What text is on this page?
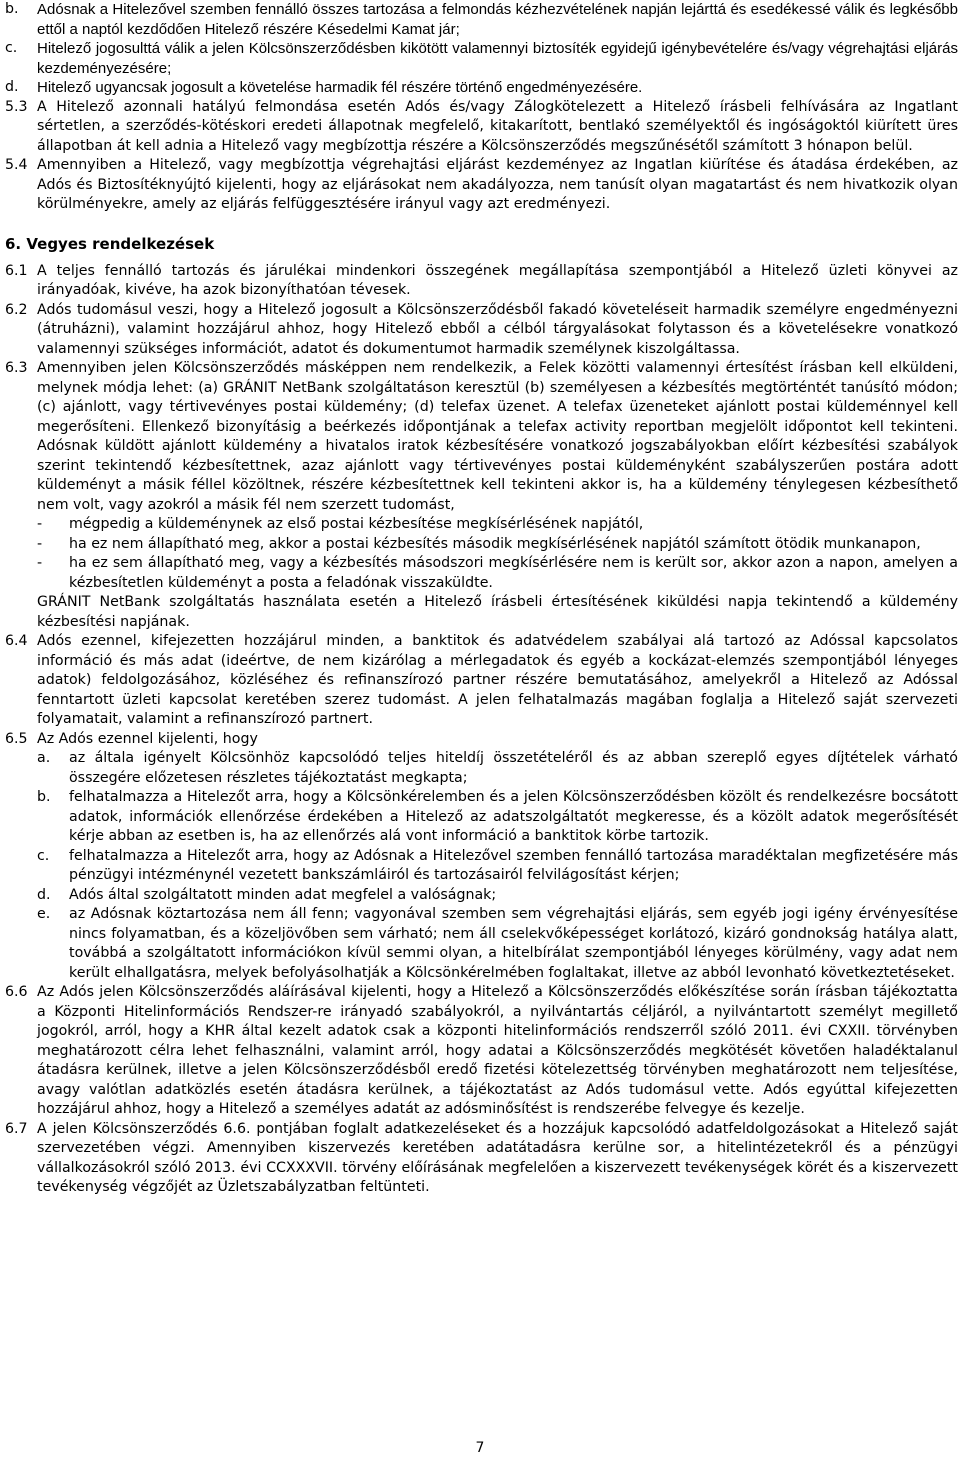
b.	Adósnak a Hitelezővel szemben fennálló összes tartozása a felmondás kézhezvételének napján lejárttá és esedékessé válik és legkésőbb ettől a naptól kezdődően Hitelező részére Késedelmi Kamat jár;
c.	Hitelező jogosulttá válik a jelen Kölcsönszerződésben kikötött valamennyi biztosíték egyidejű igénybevételére és/vagy végrehajtási eljárás kezdeményezésére;
d.	Hitelező ugyancsak jogosult a követelése harmadik fél részére történő engedményezésére.
5.3 A Hitelező azonnali hatályú felmondása esetén Adós és/vagy Zálogkötelezett a Hitelező írásbeli felhívására az Ingatlant sértetlen, a szerződés-kötéskori eredeti állapotnak megfelelő, kitakarított, bentlakó személyektől és ingóságoktól kiürített üres állapotban át kell adnia a Hitelező vagy megbízottja részére a Kölcsönszerződés megszűnésétől számított 3 hónapon belül.
5.4 Amennyiben a Hitelező, vagy megbízottja végrehajtási eljárást kezdeményez az Ingatlan kiürítése és átadása érdekében, az Adós és Biztosítéknyújtó kijelenti, hogy az eljárásokat nem akadályozza, nem tanúsít olyan magatartást és nem hivatkozik olyan körülményekre, amely az eljárás felfüggesztésére irányul vagy azt eredményezi.
6. Vegyes rendelkezések
6.1 A teljes fennálló tartozás és járulékai mindenkori összegének megállapítása szempontjából a Hitelező üzleti könyvei az irányadóak, kivéve, ha azok bizonyíthatóan tévesek.
6.2 Adós tudomásul veszi, hogy a Hitelező jogosult a Kölcsönszerződésből fakadó követeléseit harmadik személyre engedményezni (átruházni), valamint hozzájárul ahhoz, hogy Hitelező ebből a célból tárgyalásokat folytasson és a követelésekre vonatkozó valamennyi szükséges információt, adatot és dokumentumot harmadik személynek kiszolgáltassa.
6.3 Amennyiben jelen Kölcsönszerződés másképpen nem rendelkezik, a Felek közötti valamennyi értesítést írásban kell elküldeni, melynek módja lehet: (a) GRÁNIT NetBank szolgáltatáson keresztül (b) személyesen a kézbesítés megtörténtét tanúsító módon; (c) ajánlott, vagy tértivevényes postai küldemény; (d) telefax üzenet. A telefax üzeneteket ajánlott postai küldeménnyel kell megerősíteni. Ellenkező bizonyításig a beérkezés időpontjának a telefax activity reportban megjelölt időpontot kell tekinteni. Adósnak küldött ajánlott küldemény a hivatalos iratok kézbesítésére vonatkozó jogszabályokban előírt kézbesítési szabályok szerint tekintendő kézbesítettnek, azaz ajánlott vagy tértivevényes postai küldeményként szabályszerűen postára adott küldeményt a másik féllel közöltnek, részére kézbesítettnek kell tekinteni akkor is, ha a küldemény ténylegesen kézbesíthető nem volt, vagy azokról a másik fél nem szerzett tudomást,
-	mégpedig a küldeménynek az első postai kézbesítése megkísérlésének napjától,
-	ha ez nem állapítható meg, akkor a postai kézbesítés második megkísérlésének napjától számított ötödik munkanapon,
-	ha ez sem állapítható meg, vagy a kézbesítés másodszori megkísérlésére nem is került sor, akkor azon a napon, amelyen a kézbesítetlen küldeményt a posta a feladónak visszaküldte.
GRÁNIT NetBank szolgáltatás használata esetén a Hitelező írásbeli értesítésének kiküldési napja tekintendő a küldemény kézbesítési napjának.
6.4 Adós ezennel, kifejezetten hozzájárul minden, a banktitok és adatvédelem szabályai alá tartozó az Adóssal kapcsolatos információ és más adat (ideértve, de nem kizárólag a mérlegadatok és egyéb a kockázat-elemzés szempontjából lényeges adatok) feldolgozásához, közléséhez és refinanszírozó partner részére bemutatásához, amelyekről a Hitelező az Adóssal fenntartott üzleti kapcsolat keretében szerez tudomást. A jelen felhatalmazás magában foglalja a Hitelező saját szervezeti folyamatait, valamint a refinanszírozó partnert.
6.5 Az Adós ezennel kijelenti, hogy
a.	az általa igényelt Kölcsönhöz kapcsolódó teljes hiteldíj összetételéről és az abban szereplő egyes díjtételek várható összegére előzetesen részletes tájékoztatást megkapta;
b.	felhatalmazza a Hitelezőt arra, hogy a Kölcsönkérelemben és a jelen Kölcsönszerződésben közölt és rendelkezésre bocsátott adatok, információk ellenőrzése érdekében a Hitelező az adatszolgáltatót megkeresse, és a közölt adatok megerősítését kérje abban az esetben is, ha az ellenőrzés alá vont információ a banktitok körbe tartozik.
c.	felhatalmazza a Hitelezőt arra, hogy az Adósnak a Hitelezővel szemben fennálló tartozása maradéktalan megfizetésére más pénzügyi intézménynél vezetett bankszámláiról és tartozásairól felvilágosítást kérjen;
d.	Adós által szolgáltatott minden adat megfelel a valóságnak;
e.	az Adósnak köztartozása nem áll fenn; vagyonával szemben sem végrehajtási eljárás, sem egyéb jogi igény érvényesítése nincs folyamatban, és a közeljövőben sem várható; nem áll cselekvőképességet korlátozó, kizáró gondnokság hatálya alatt, továbbá a szolgáltatott információkon kívül semmi olyan, a hitelbírálat szempontjából lényeges körülmény, vagy adat nem került elhallgatásra, melyek befolyásolhatják a Kölcsönkérelmében foglaltakat, illetve az abból levonható következtetéseket.
6.6 Az Adós jelen Kölcsönszerződés aláírásával kijelenti, hogy a Hitelező a Kölcsönszerződés előkészítése során írásban tájékoztatta a Központi Hitelinformációs Rendszer-re irányadó szabályokról, a nyilvántartás céljáról, a nyilvántartott személyt megillető jogokról, arról, hogy a KHR által kezelt adatok csak a központi hitelinformációs rendszerről szóló 2011. évi CXXII. törvényben meghatározott célra lehet felhasználni, valamint arról, hogy adatai a Kölcsönszerződés megkötését követően haladéktalanul átadásra kerülnek, illetve a jelen Kölcsönszerződésből eredő fizetési kötelezettség törvényben meghatározott nem teljesítése, avagy valótlan adatközlés esetén átadásra kerülnek, a tájékoztatást az Adós tudomásul vette. Adós egyúttal kifejezetten hozzájárul ahhoz, hogy a Hitelező a személyes adatát az adósminősítést is rendszerébe felvegye és kezelje.
6.7 A jelen Kölcsönszerződés 6.6. pontjában foglalt adatkezeléseket és a hozzájuk kapcsolódó adatfeldolgozásokat a Hitelező saját szervezetében végzi. Amennyiben kiszervezés keretében adatátadásra kerülne sor, a hitelintézetekről és a pénzügyi vállalkozásokról szóló 2013. évi CCXXXVII. törvény előírásának megfelelően a kiszervezett tevékenységek körét és a kiszervezett tevékenység végzőjét az Üzletszabályzatban feltünteti.
7
